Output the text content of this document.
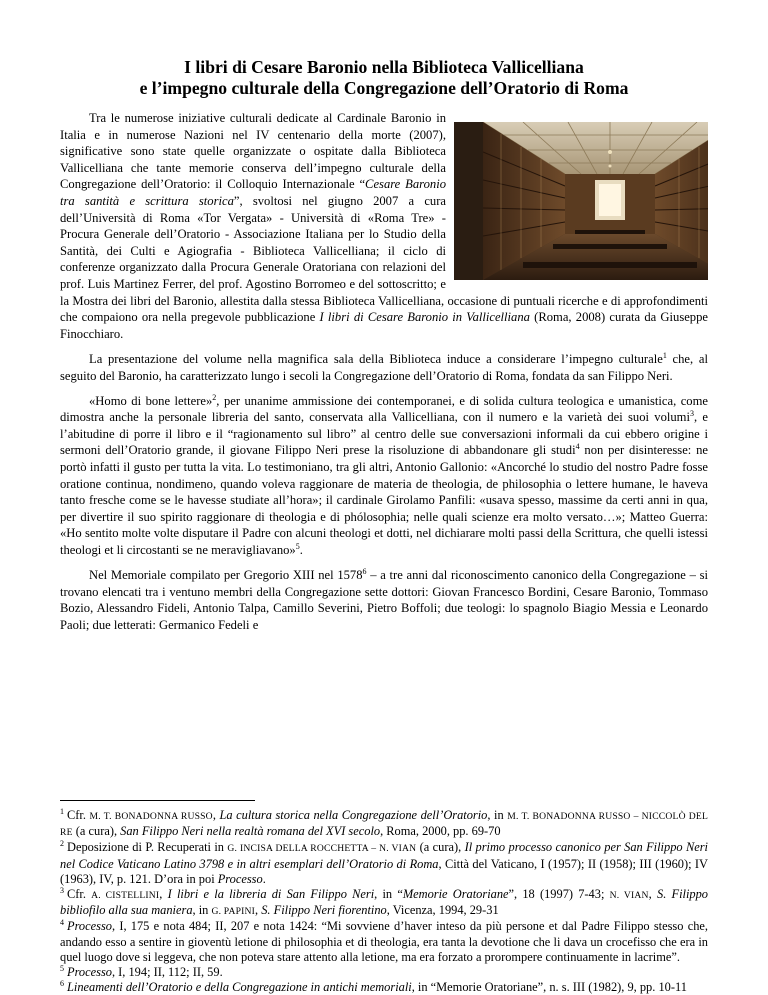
I libri di Cesare Baronio nella Biblioteca Vallicelliana
e l’impegno culturale della Congregazione dell’Oratorio di Roma

Tra le numerose iniziative culturali dedicate al Cardinale Baronio in Italia e in numerose Nazioni nel IV centenario della morte (2007), significative sono state quelle organizzate o ospitate dalla Biblioteca Vallicelliana che tante memorie conserva dell’impegno culturale della Congregazione dell’Oratorio: il Colloquio Internazionale “Cesare Baronio tra santità e scrittura storica”, svoltosi nel giugno 2007 a cura dell’Università di Roma «Tor Vergata» - Università di «Roma Tre» - Procura Generale dell’Oratorio - Associazione Italiana per lo Studio della Santità, dei Culti e Agiografia - Biblioteca Vallicelliana; il ciclo di conferenze organizzato dalla Procura Generale Oratoriana con relazioni del prof. Luis Martinez Ferrer, del prof. Agostino Borromeo e del sottoscritto; e la Mostra dei libri del Baronio, allestita dalla stessa Biblioteca Vallicelliana, occasione di puntuali ricerche e di approfondimenti che compaiono ora nella pregevole pubblicazione I libri di Cesare Baronio in Vallicelliana (Roma, 2008) curata da Giuseppe Finocchiaro.

La presentazione del volume nella magnifica sala della Biblioteca induce a considerare l’impegno culturale$^1$ che, al seguito del Baronio, ha caratterizzato lungo i secoli la Congregazione dell’Oratorio di Roma, fondata da san Filippo Neri.

«Homo di bone lettere»$^2$, per unanime ammissione dei contemporanei, e di solida cultura teologica e umanistica, come dimostra anche la personale libreria del santo, conservata alla Vallicelliana, con il numero e la varietà dei suoi volumi$^3$, e l’abitudine di porre il libro e il “ragionamento sul libro” al centro delle sue conversazioni informali da cui ebbero origine i sermoni dell’Oratorio grande, il giovane Filippo Neri prese la risoluzione di abbandonare gli studi$^4$ non per disinteresse: ne portò infatti il gusto per tutta la vita. Lo testimoniano, tra gli altri, Antonio Gallonio: «Ancorché lo studio del nostro Padre fosse oratione continua, nondimeno, quando voleva raggionare de materia de theologia, de philosophia o lettere humane, le haveva tanto fresche come se le havesse studiate all’hora»; il cardinale Girolamo Panfili: «usava spesso, massime da certi anni in qua, per divertire il suo spirito raggionare di theologia e di phólosophia; nelle quali scienze era molto versato…»; Matteo Guerra: «Ho sentito molte volte disputare il Padre con alcuni theologi et dotti, nel dichiarare molti passi della Scrittura, che quelli istessi theologi et li circostanti se ne meravigliavano»$^5$.

Nel Memoriale compilato per Gregorio XIII nel 1578$^6$ – a tre anni dal riconoscimento canonico della Congregazione – si trovano elencati tra i ventuno membri della Congregazione sette dottori: Giovan Francesco Bordini, Cesare Baronio, Tommaso Bozio, Alessandro Fideli, Antonio Talpa, Camillo Severini, Pietro Boffoli; due teologi: lo spagnolo Biagio Messia e Leonardo Paoli; due letterati: Germanico Fedeli e

$^1$ Cfr. M. T. BONADONNA RUSSO, La cultura storica nella Congregazione dell’Oratorio, in M. T. BONADONNA RUSSO – NICCOLÒ DEL RE (a cura), San Filippo Neri nella realtà romana del XVI secolo, Roma, 2000, pp. 69-70

$^2$ Deposizione di P. Recuperati in G. INCISA DELLA ROCCHETTA – N. VIAN (a cura), Il primo processo canonico per San Filippo Neri nel Codice Vaticano Latino 3798 e in altri esemplari dell’Oratorio di Roma, Città del Vaticano, I (1957); II (1958); III (1960); IV (1963), IV, p. 121. D’ora in poi Processo.

$^3$ Cfr. A. CISTELLINI, I libri e la libreria di San Filippo Neri, in “Memorie Oratoriane”, 18 (1997) 7-43; N. VIAN, S. Filippo bibliofilo alla sua maniera, in G. PAPINI, S. Filippo Neri fiorentino, Vicenza, 1994, 29-31

$^4$ Processo, I, 175 e nota 484; II, 207 e nota 1424: “Mi sovviene d’haver inteso da più persone et dal Padre Filippo stesso che, andando esso a sentire in gioventù letione di philosophia et di theologia, era tanta la devotione che li dava un crocefisso che era in quel luogo dove si leggeva, che non poteva stare attento alla letione, ma era forzato a prorompere continuamente in lacrime”.

$^5$ Processo, I, 194; II, 112; II, 59.

$^6$ Lineamenti dell’Oratorio e della Congregazione in antichi memoriali, in “Memorie Oratoriane”, n. s. III (1982), 9, pp. 10-11
